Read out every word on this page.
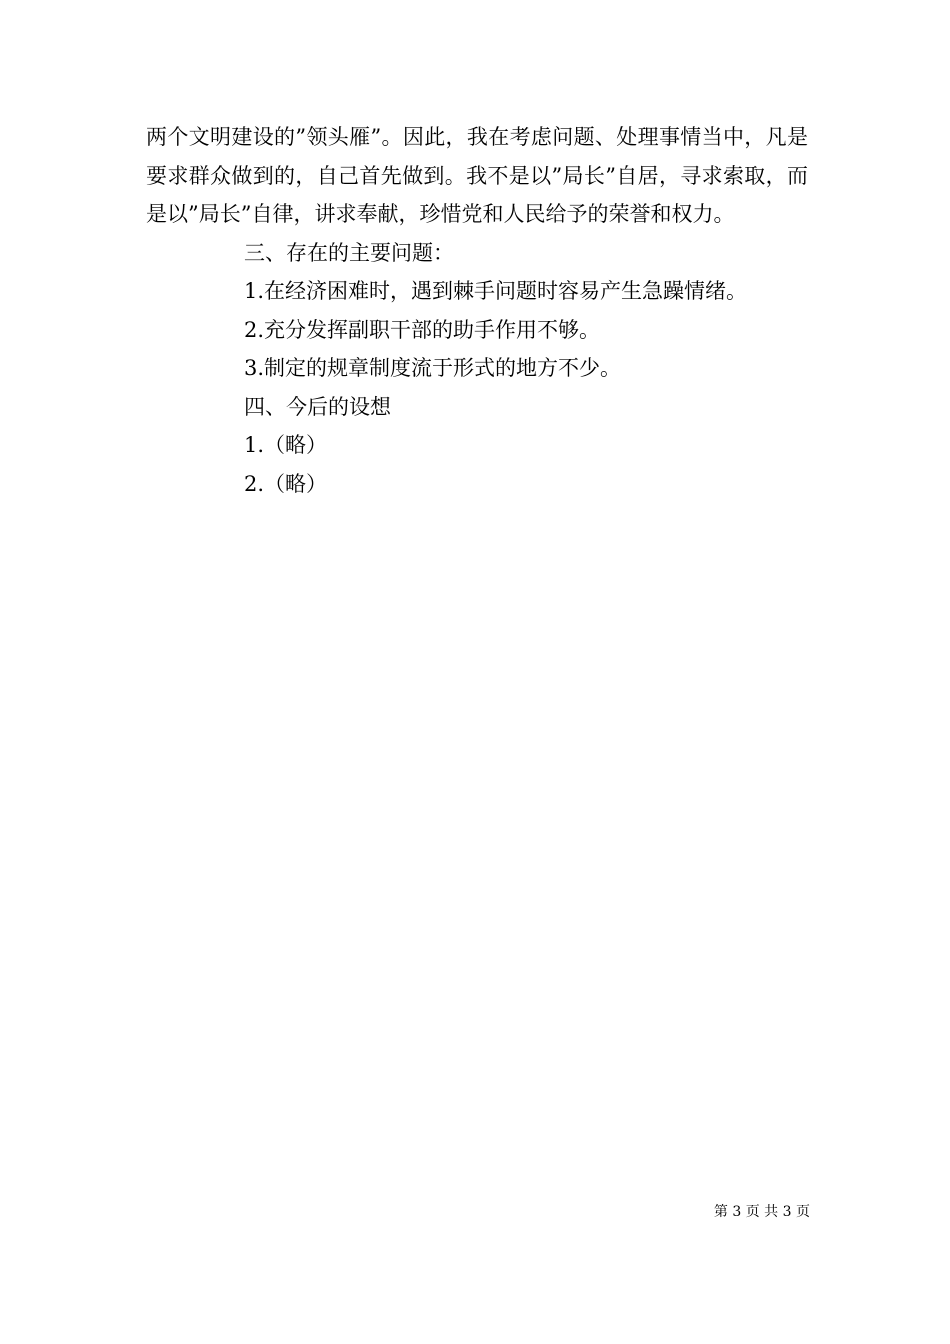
两个文明建设的”领头雁”。因此，我在考虑问题、处理事情当中，凡是要求群众做到的，自己首先做到。我不是以”局长”自居，寻求索取，而是以”局长”自律，讲求奉献，珍惜党和人民给予的荣誉和权力。

三、存在的主要问题：

1.在经济困难时，遇到棘手问题时容易产生急躁情绪。

2.充分发挥副职干部的助手作用不够。

3.制定的规章制度流于形式的地方不少。

四、今后的设想

1.（略）

2.（略）

第 3 页 共 3 页
